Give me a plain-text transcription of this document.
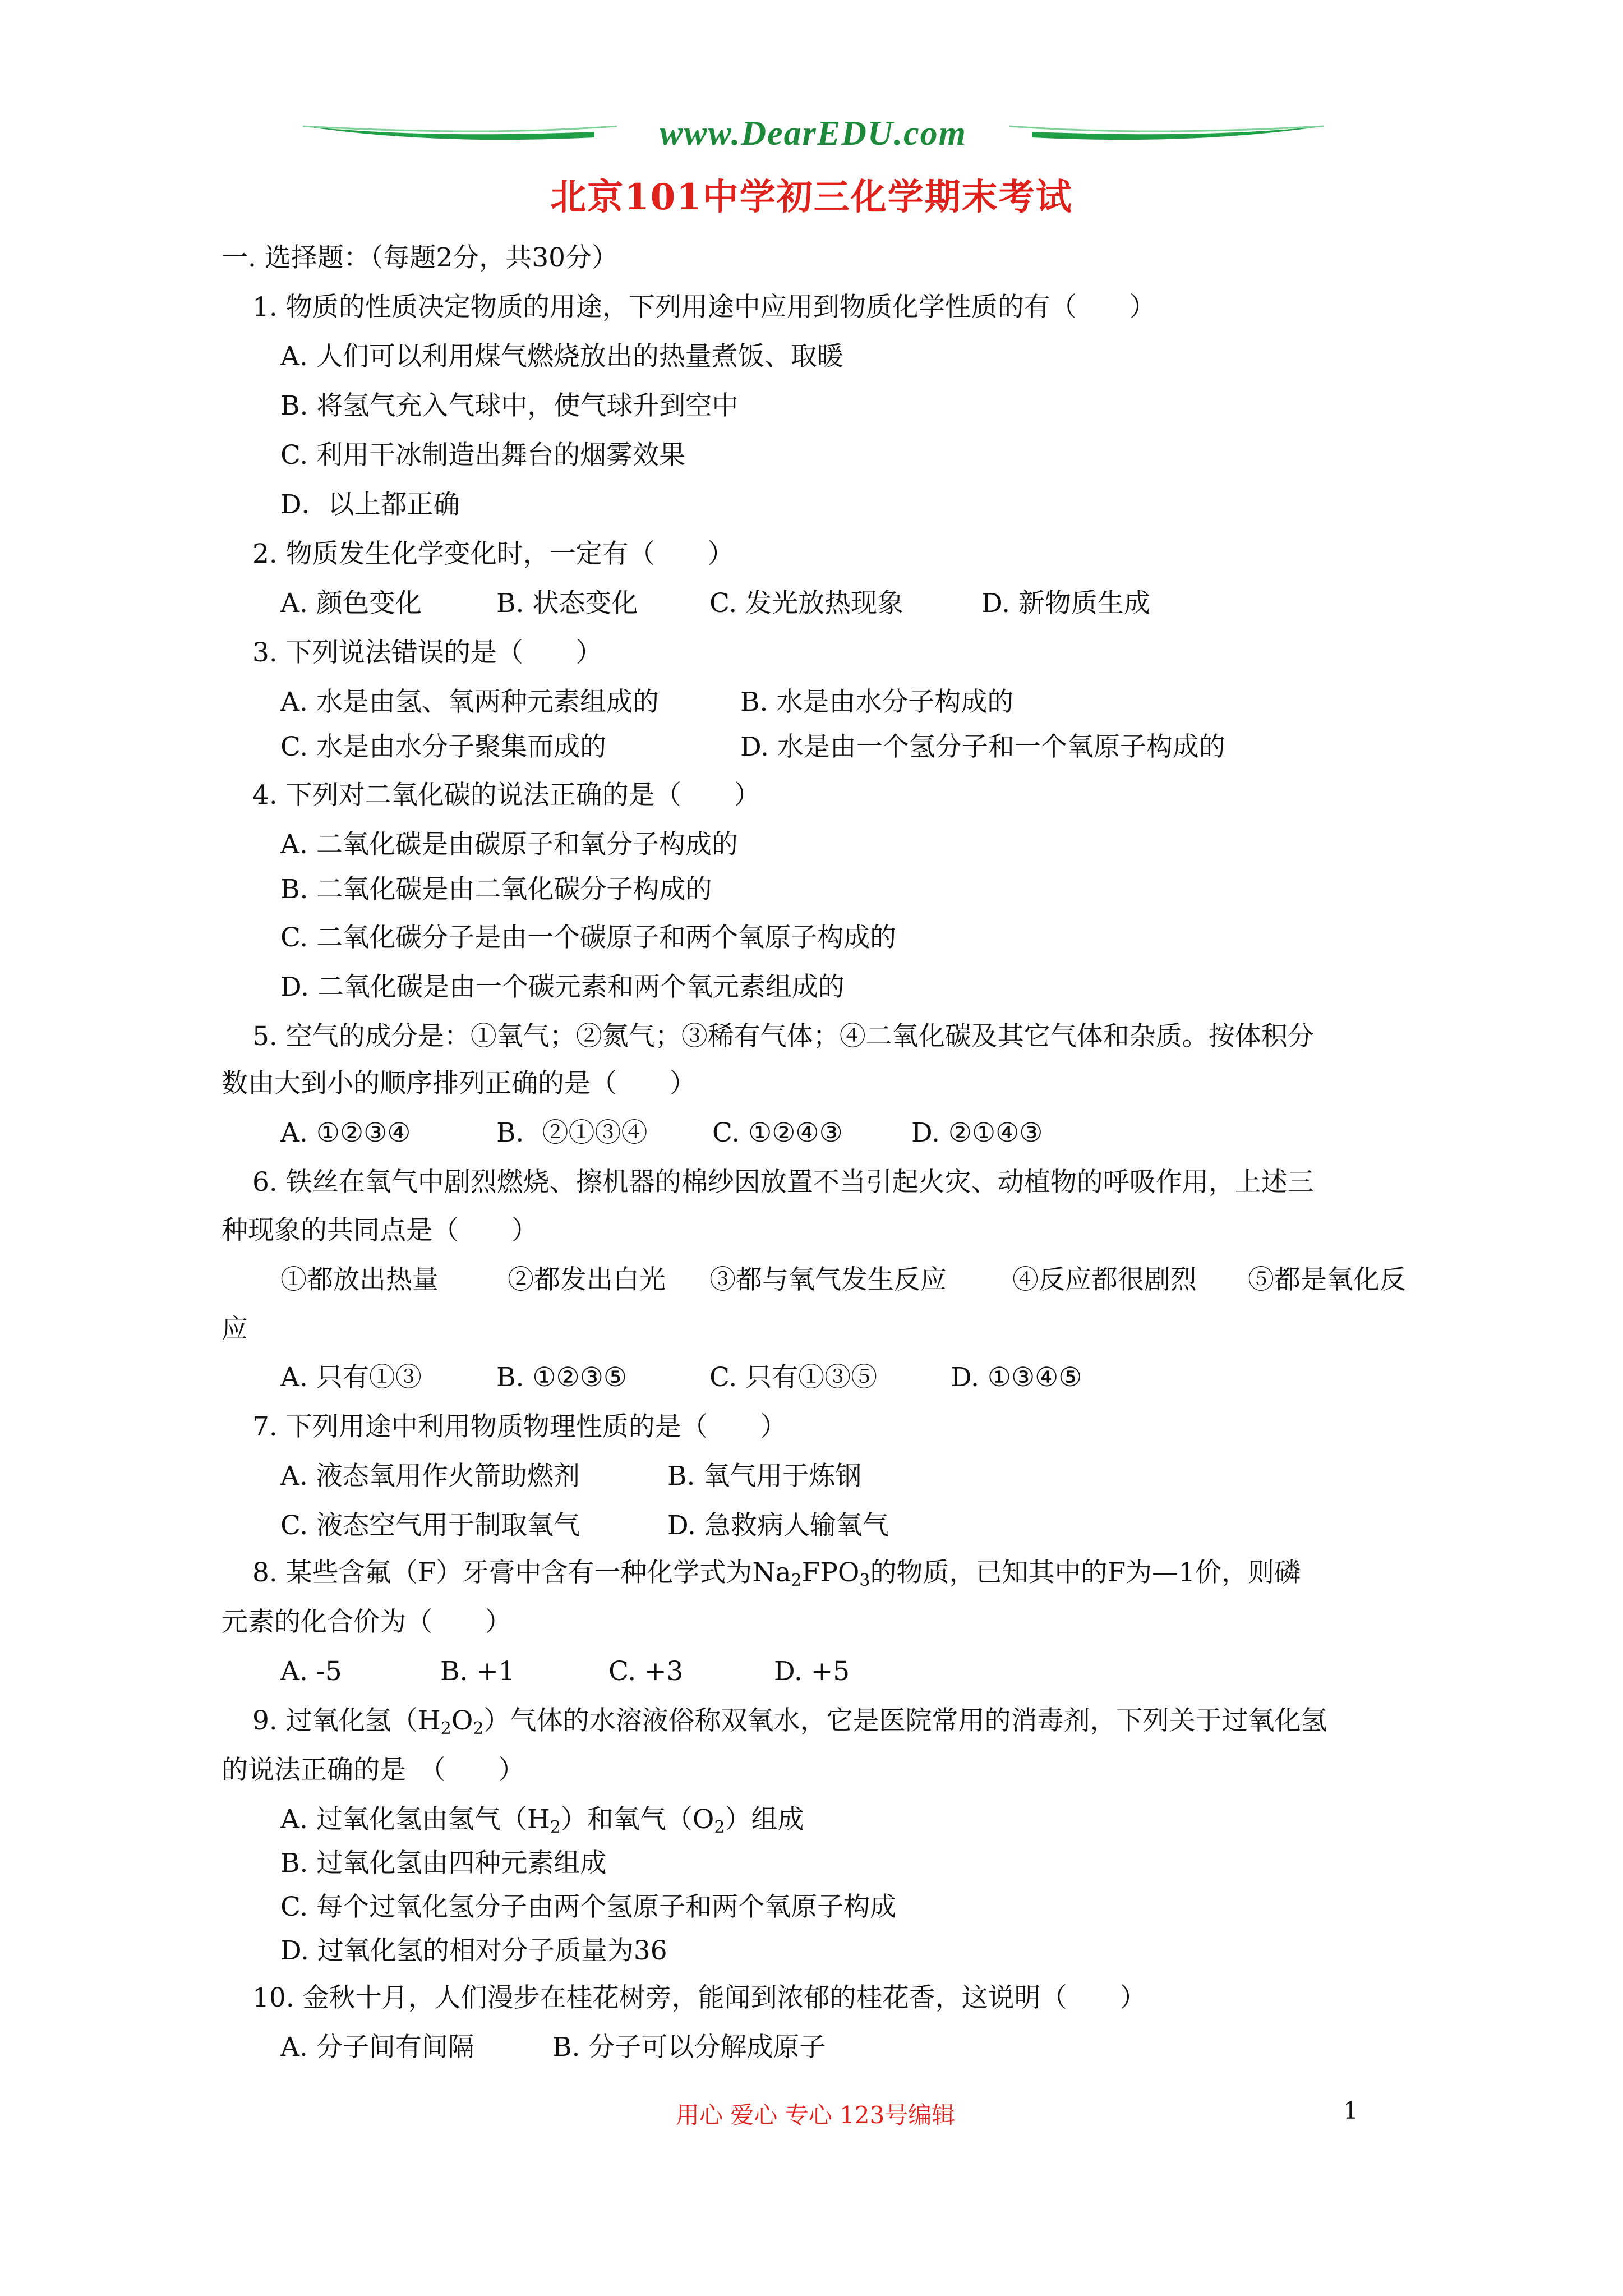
www.DearEDU.com
北京101中学初三化学期末考试
一. 选择题：（每题2分，共30分）
1. 物质的性质决定物质的用途，下列用途中应用到物质化学性质的有（　　）
A. 人们可以利用煤气燃烧放出的热量煮饭、取暖
B. 将氢气充入气球中，使气球升到空中
C. 利用干冰制造出舞台的烟雾效果
D．以上都正确
2. 物质发生化学变化时，一定有（　　）
A. 颜色变化	B. 状态变化	C. 发光放热现象	D. 新物质生成
3. 下列说法错误的是（　　）
A. 水是由氢、氧两种元素组成的	B. 水是由水分子构成的
C. 水是由水分子聚集而成的	D. 水是由一个氢分子和一个氧原子构成的
4. 下列对二氧化碳的说法正确的是（　　）
A. 二氧化碳是由碳原子和氧分子构成的
B. 二氧化碳是由二氧化碳分子构成的
C. 二氧化碳分子是由一个碳原子和两个氧原子构成的
D. 二氧化碳是由一个碳元素和两个氧元素组成的
5. 空气的成分是：①氧气；②氮气；③稀有气体；④二氧化碳及其它气体和杂质。按体积分
数由大到小的顺序排列正确的是（　　）
A. ①②③④	B．②①③④ C. ①②④③	D. ②①④③
6. 铁丝在氧气中剧烈燃烧、擦机器的棉纱因放置不当引起火灾、动植物的呼吸作用，上述三
种现象的共同点是（　　）
①都放出热量	②都发出白光 ③都与氧气发生反应 ④反应都很剧烈 ⑤都是氧化反
应
A. 只有①③	B. ①②③⑤	C. 只有①③⑤	D. ①③④⑤
7. 下列用途中利用物质物理性质的是（　　）
A. 液态氧用作火箭助燃剂	B. 氧气用于炼钢
C. 液态空气用于制取氧气	D. 急救病人输氧气
8. 某些含氟（F）牙膏中含有一种化学式为$Na_2FPO_3$的物质，已知其中的F为—1价，则磷
元素的化合价为（　　）
A. -5	B. +1	C. +3	D. +5
9. 过氧化氢$(H_2O_2)$气体的水溶液俗称双氧水，它是医院常用的消毒剂，下列关于过氧化氢
的说法正确的是　（　　）
A. 过氧化氢由氢气$(H_2)$和氧气$(O_2)$组成
B. 过氧化氢由四种元素组成
C. 每个过氧化氢分子由两个氢原子和两个氧原子构成
D. 过氧化氢的相对分子质量为36
10. 金秋十月，人们漫步在桂花树旁，能闻到浓郁的桂花香，这说明（　　）
A. 分子间有间隔	B. 分子可以分解成原子
用心 爱心 专心 123号编辑	1
